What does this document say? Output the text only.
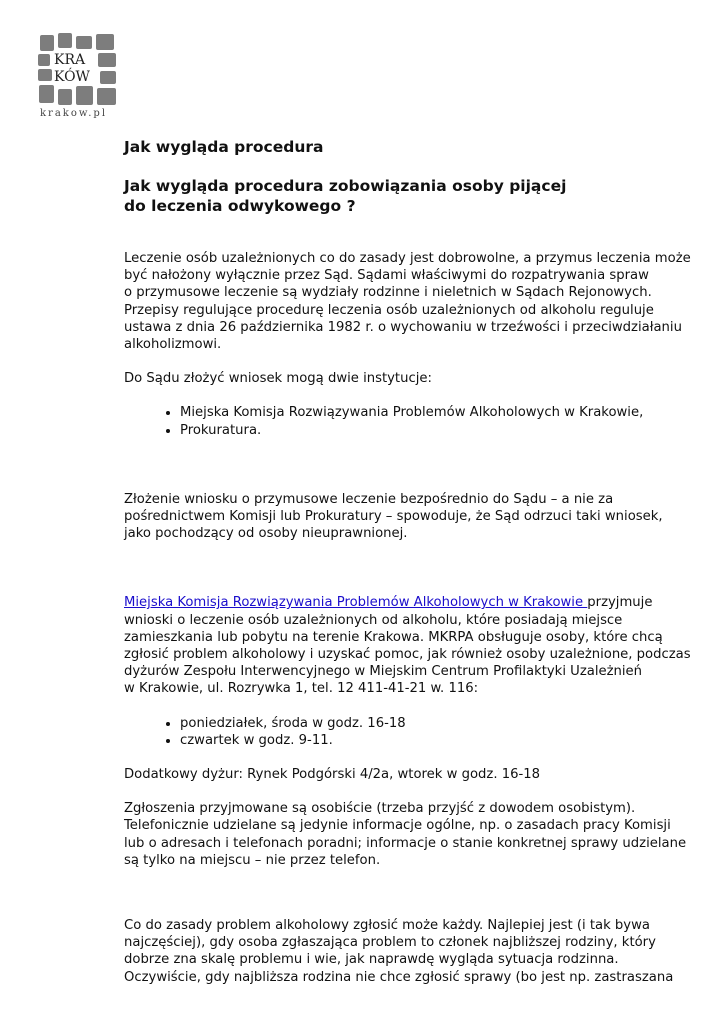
KRA
KÓW
krakow.pl
Jak wygląda procedura
Jak wygląda procedura zobowiązania osoby pijącej
do leczenia odwykowego ?

Leczenie osób uzależnionych co do zasady jest dobrowolne, a przymus leczenia może
być nałożony wyłącznie przez Sąd. Sądami właściwymi do rozpatrywania spraw
o przymusowe leczenie są wydziały rodzinne i nieletnich w Sądach Rejonowych.
Przepisy regulujące procedurę leczenia osób uzależnionych od alkoholu reguluje
ustawa z dnia 26 października 1982 r. o wychowaniu w trzeźwości i przeciwdziałaniu
alkoholizmowi.

Do Sądu złożyć wniosek mogą dwie instytucje:

• Miejska Komisja Rozwiązywania Problemów Alkoholowych w Krakowie,
• Prokuratura.

Złożenie wniosku o przymusowe leczenie bezpośrednio do Sądu – a nie za
pośrednictwem Komisji lub Prokuratury – spowoduje, że Sąd odrzuci taki wniosek,
jako pochodzący od osoby nieuprawnionej.

Miejska Komisja Rozwiązywania Problemów Alkoholowych w Krakowie przyjmuje
wnioski o leczenie osób uzależnionych od alkoholu, które posiadają miejsce
zamieszkania lub pobytu na terenie Krakowa. MKRPA obsługuje osoby, które chcą
zgłosić problem alkoholowy i uzyskać pomoc, jak również osoby uzależnione, podczas
dyżurów Zespołu Interwencyjnego w Miejskim Centrum Profilaktyki Uzależnień
w Krakowie, ul. Rozrywka 1, tel. 12 411-41-21 w. 116:

• poniedziałek, środa w godz. 16-18
• czwartek w godz. 9-11.

Dodatkowy dyżur: Rynek Podgórski 4/2a, wtorek w godz. 16-18

Zgłoszenia przyjmowane są osobiście (trzeba przyjść z dowodem osobistym).
Telefonicznie udzielane są jedynie informacje ogólne, np. o zasadach pracy Komisji
lub o adresach i telefonach poradni; informacje o stanie konkretnej sprawy udzielane
są tylko na miejscu – nie przez telefon.

Co do zasady problem alkoholowy zgłosić może każdy. Najlepiej jest (i tak bywa
najczęściej), gdy osoba zgłaszająca problem to członek najbliższej rodziny, który
dobrze zna skalę problemu i wie, jak naprawdę wygląda sytuacja rodzinna.
Oczywiście, gdy najbliższa rodzina nie chce zgłosić sprawy (bo jest np. zastraszana
